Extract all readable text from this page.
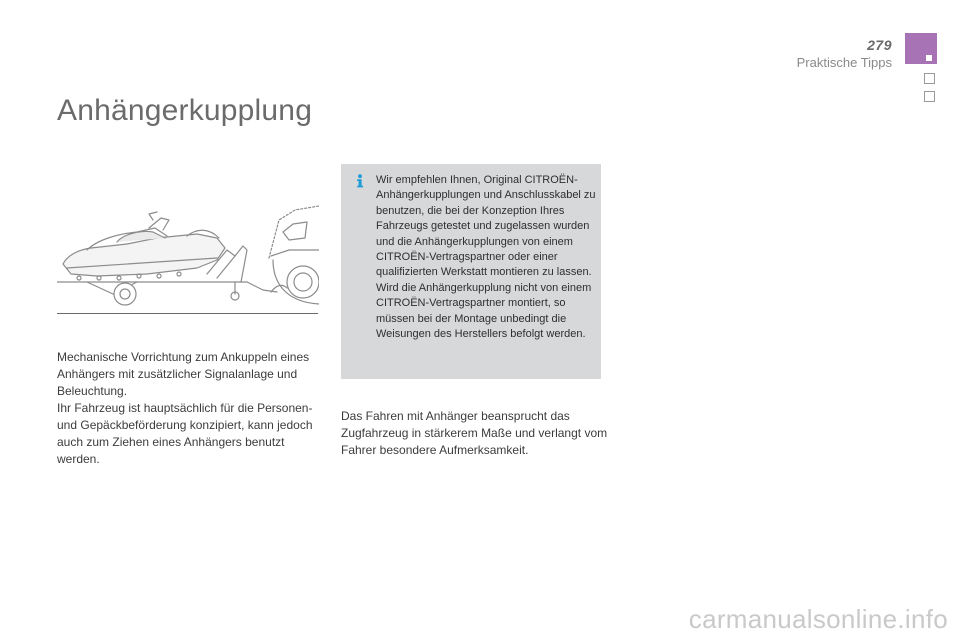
279
Praktische Tipps
Anhängerkupplung

Mechanische Vorrichtung zum Ankuppeln eines Anhängers mit zusätzlicher Signalanlage und Beleuchtung.

Ihr Fahrzeug ist hauptsächlich für die Personen- und Gepäckbeförderung konzipiert, kann jedoch auch zum Ziehen eines Anhängers benutzt werden.

Wir empfehlen Ihnen, Original CITROËN-Anhängerkupplungen und Anschlusskabel zu benutzen, die bei der Konzeption Ihres Fahrzeugs getestet und zugelassen wurden und die Anhängerkupplungen von einem CITROËN-Vertragspartner oder einer qualifizierten Werkstatt montieren zu lassen.

Wird die Anhängerkupplung nicht von einem CITROËN-Vertragspartner montiert, so müssen bei der Montage unbedingt die Weisungen des Herstellers befolgt werden.

Das Fahren mit Anhänger beansprucht das Zugfahrzeug in stärkerem Maße und verlangt vom Fahrer besondere Aufmerksamkeit.

carmanualsonline.info
